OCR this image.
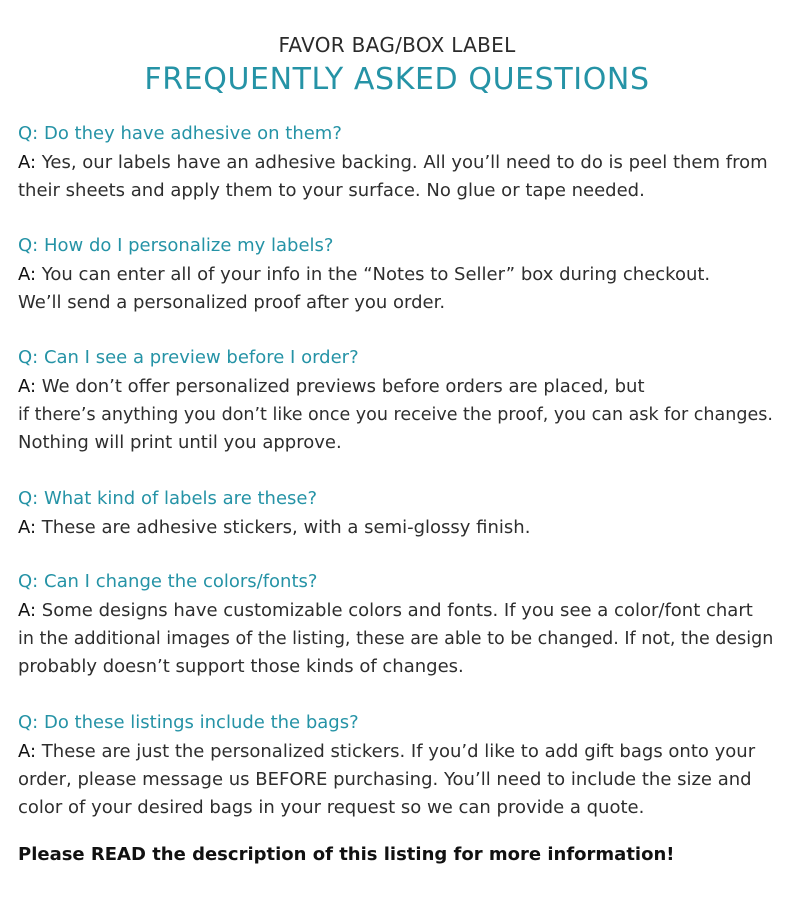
FAVOR BAG/BOX LABEL
FREQUENTLY ASKED QUESTIONS
Q: Do they have adhesive on them?
A: Yes, our labels have an adhesive backing. All you’ll need to do is peel them from
their sheets and apply them to your surface. No glue or tape needed.
Q: How do I personalize my labels?
A: You can enter all of your info in the “Notes to Seller” box during checkout.
We’ll send a personalized proof after you order.
Q: Can I see a preview before I order?
A: We don’t offer personalized previews before orders are placed, but
if there’s anything you don’t like once you receive the proof, you can ask for changes.
Nothing will print until you approve.
Q: What kind of labels are these?
A: These are adhesive stickers, with a semi-glossy finish.
Q: Can I change the colors/fonts?
A: Some designs have customizable colors and fonts. If you see a color/font chart
in the additional images of the listing, these are able to be changed. If not, the design
probably doesn’t support those kinds of changes.
Q: Do these listings include the bags?
A: These are just the personalized stickers. If you’d like to add gift bags onto your
order, please message us BEFORE purchasing. You’ll need to include the size and
color of your desired bags in your request so we can provide a quote.
Please READ the description of this listing for more information!
